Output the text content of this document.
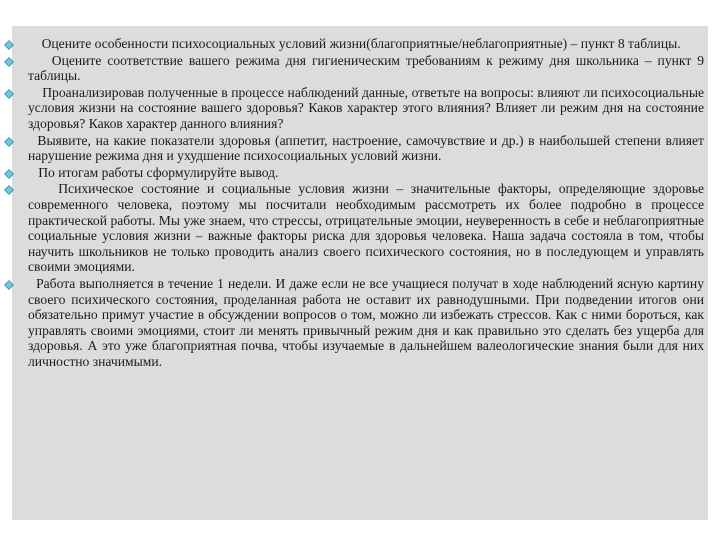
Оцените особенности психосоциальных условий жизни(благоприятные/неблагоприятные) – пункт 8 таблицы.
Оцените соответствие вашего режима дня гигиеническим требованиям к режиму дня школьника – пункт 9 таблицы.
Проанализировав полученные в процессе наблюдений данные, ответьте на вопросы: влияют ли психосоциальные условия жизни на состояние вашего здоровья? Каков характер этого влияния? Влияет ли режим дня на состояние здоровья? Каков характер данного влияния?
Выявите, на какие показатели здоровья (аппетит, настроение, самочувствие и др.) в наибольшей степени влияет нарушение режима дня и ухудшение психосоциальных условий жизни.
По итогам работы сформулируйте вывод.
Психическое состояние и социальные условия жизни – значительные факторы, определяющие здоровье современного человека, поэтому мы посчитали необходимым рассмотреть их более подробно в процессе практической работы. Мы уже знаем, что стрессы, отрицательные эмоции, неуверенность в себе и неблагоприятные социальные условия жизни – важные факторы риска для здоровья человека. Наша задача состояла в том, чтобы научить школьников не только проводить анализ своего психического состояния, но в последующем и управлять своими эмоциями.
Работа выполняется в течение 1 недели. И даже если не все учащиеся получат в ходе наблюдений ясную картину своего психического состояния, проделанная работа не оставит их равнодушными. При подведении итогов они обязательно примут участие в обсуждении вопросов о том, можно ли избежать стрессов. Как с ними бороться, как управлять своими эмоциями, стоит ли менять привычный режим дня и как правильно это сделать без ущерба для здоровья. А это уже благоприятная почва, чтобы изучаемые в дальнейшем валеологические знания были для них личностно значимыми.
